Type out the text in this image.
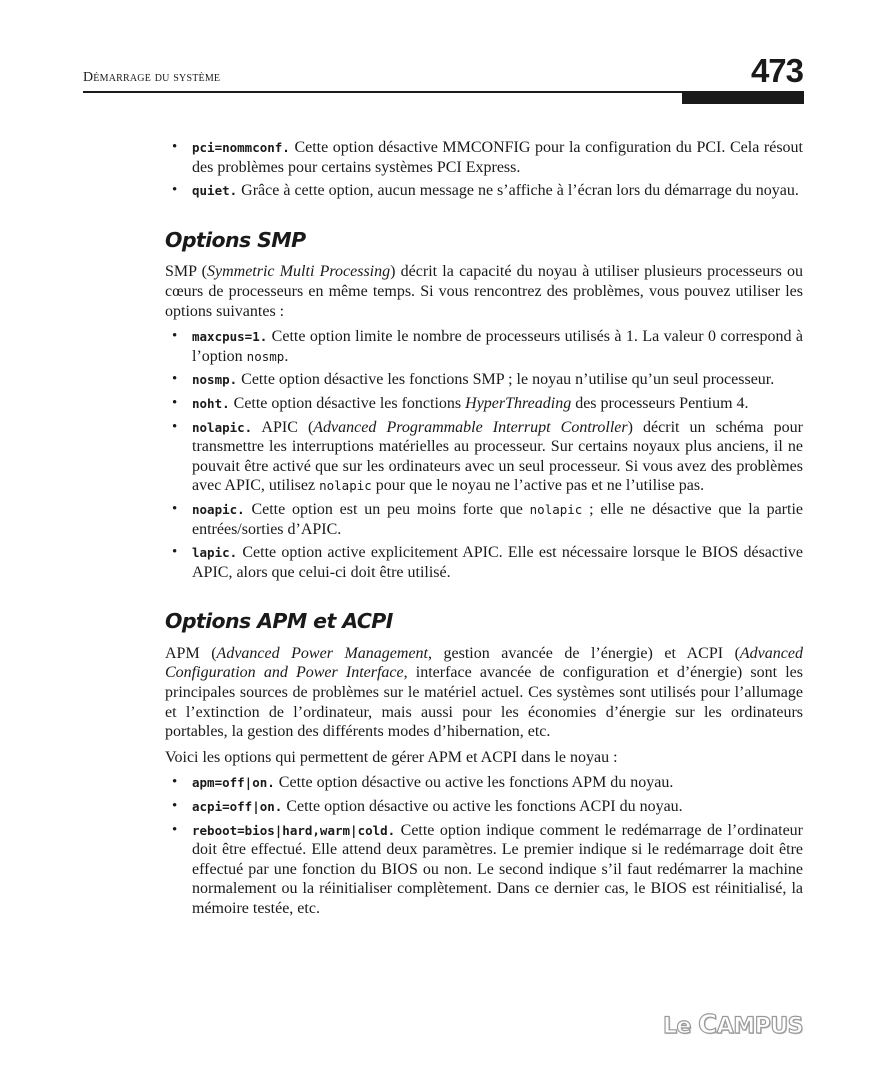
Démarrage du système	473
• pci=nommconf. Cette option désactive MMCONFIG pour la configuration du PCI. Cela résout des problèmes pour certains systèmes PCI Express.
• quiet. Grâce à cette option, aucun message ne s’affiche à l’écran lors du démarrage du noyau.
Options SMP

SMP (Symmetric Multi Processing) décrit la capacité du noyau à utiliser plusieurs processeurs ou cœurs de processeurs en même temps. Si vous rencontrez des problèmes, vous pouvez utiliser les options suivantes :

• maxcpus=1. Cette option limite le nombre de processeurs utilisés à 1. La valeur 0 correspond à l’option nosmp.
• nosmp. Cette option désactive les fonctions SMP ; le noyau n’utilise qu’un seul processeur.
• noht. Cette option désactive les fonctions HyperThreading des processeurs Pentium 4.
• nolapic. APIC (Advanced Programmable Interrupt Controller) décrit un schéma pour transmettre les interruptions matérielles au processeur. Sur certains noyaux plus anciens, il ne pouvait être activé que sur les ordinateurs avec un seul processeur. Si vous avez des problèmes avec APIC, utilisez nolapic pour que le noyau ne l’active pas et ne l’utilise pas.
• noapic. Cette option est un peu moins forte que nolapic ; elle ne désactive que la partie entrées/sorties d’APIC.
• lapic. Cette option active explicitement APIC. Elle est nécessaire lorsque le BIOS désactive APIC, alors que celui-ci doit être utilisé.
Options APM et ACPI

APM (Advanced Power Management, gestion avancée de l’énergie) et ACPI (Advanced Configuration and Power Interface, interface avancée de configuration et d’énergie) sont les principales sources de problèmes sur le matériel actuel. Ces systèmes sont utilisés pour l’allumage et l’extinction de l’ordinateur, mais aussi pour les économies d’énergie sur les ordinateurs portables, la gestion des différents modes d’hibernation, etc.

Voici les options qui permettent de gérer APM et ACPI dans le noyau :

• apm=off|on. Cette option désactive ou active les fonctions APM du noyau.
• acpi=off|on. Cette option désactive ou active les fonctions ACPI du noyau.
• reboot=bios|hard,warm|cold. Cette option indique comment le redémarrage de l’ordinateur doit être effectué. Elle attend deux paramètres. Le premier indique si le redémarrage doit être effectué par une fonction du BIOS ou non. Le second indique s’il faut redémarrer la machine normalement ou la réinitialiser complètement. Dans ce dernier cas, le BIOS est réinitialisé, la mémoire testée, etc.
Le CAMPUS
